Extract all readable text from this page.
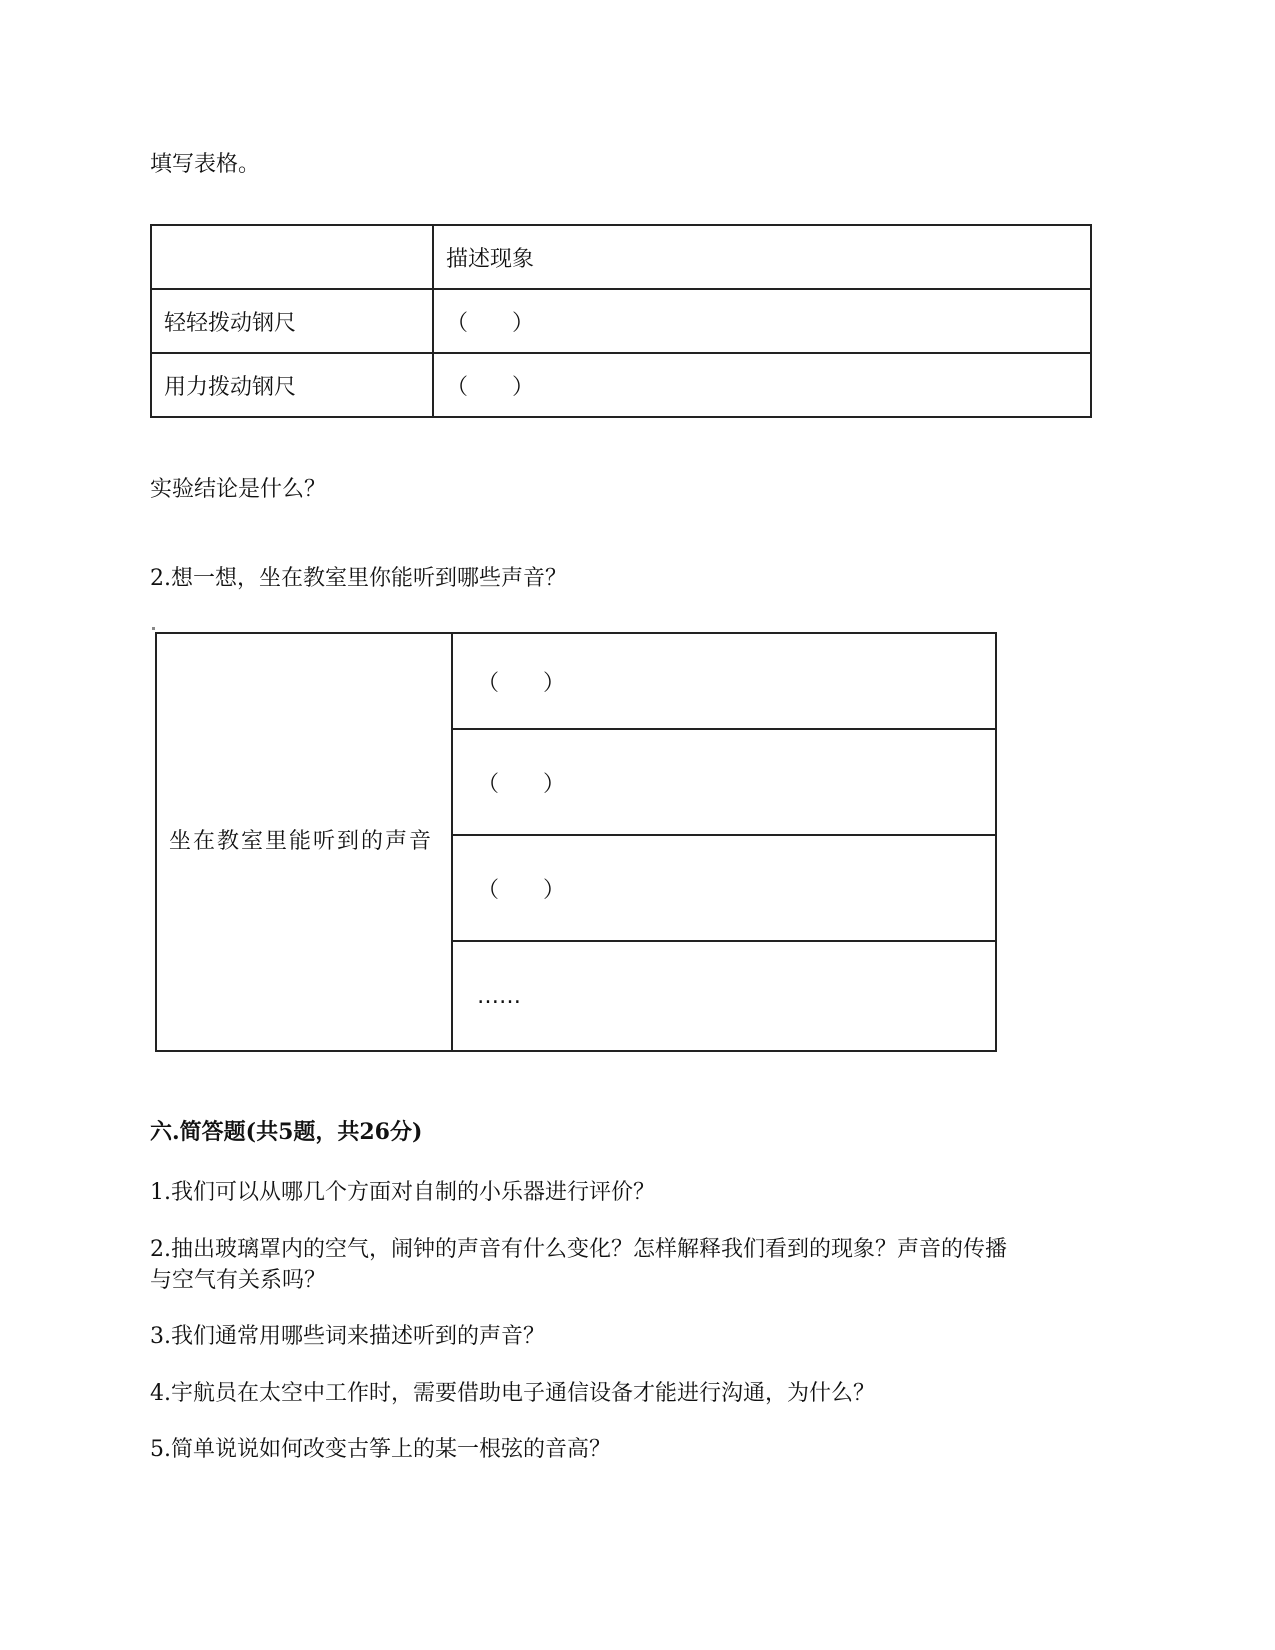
填写表格。
	描述现象
轻轻拨动钢尺	（　　）
用力拨动钢尺	（　　）
实验结论是什么？
2.想一想，坐在教室里你能听到哪些声音？
坐在教室里能听到的声音	（　　）
（　　）
（　　）
……
六.简答题(共5题，共26分)
1.我们可以从哪几个方面对自制的小乐器进行评价？
2.抽出玻璃罩内的空气，闹钟的声音有什么变化？怎样解释我们看到的现象？声音的传播
与空气有关系吗？
3.我们通常用哪些词来描述听到的声音？
4.宇航员在太空中工作时，需要借助电子通信设备才能进行沟通，为什么？
5.简单说说如何改变古筝上的某一根弦的音高？
